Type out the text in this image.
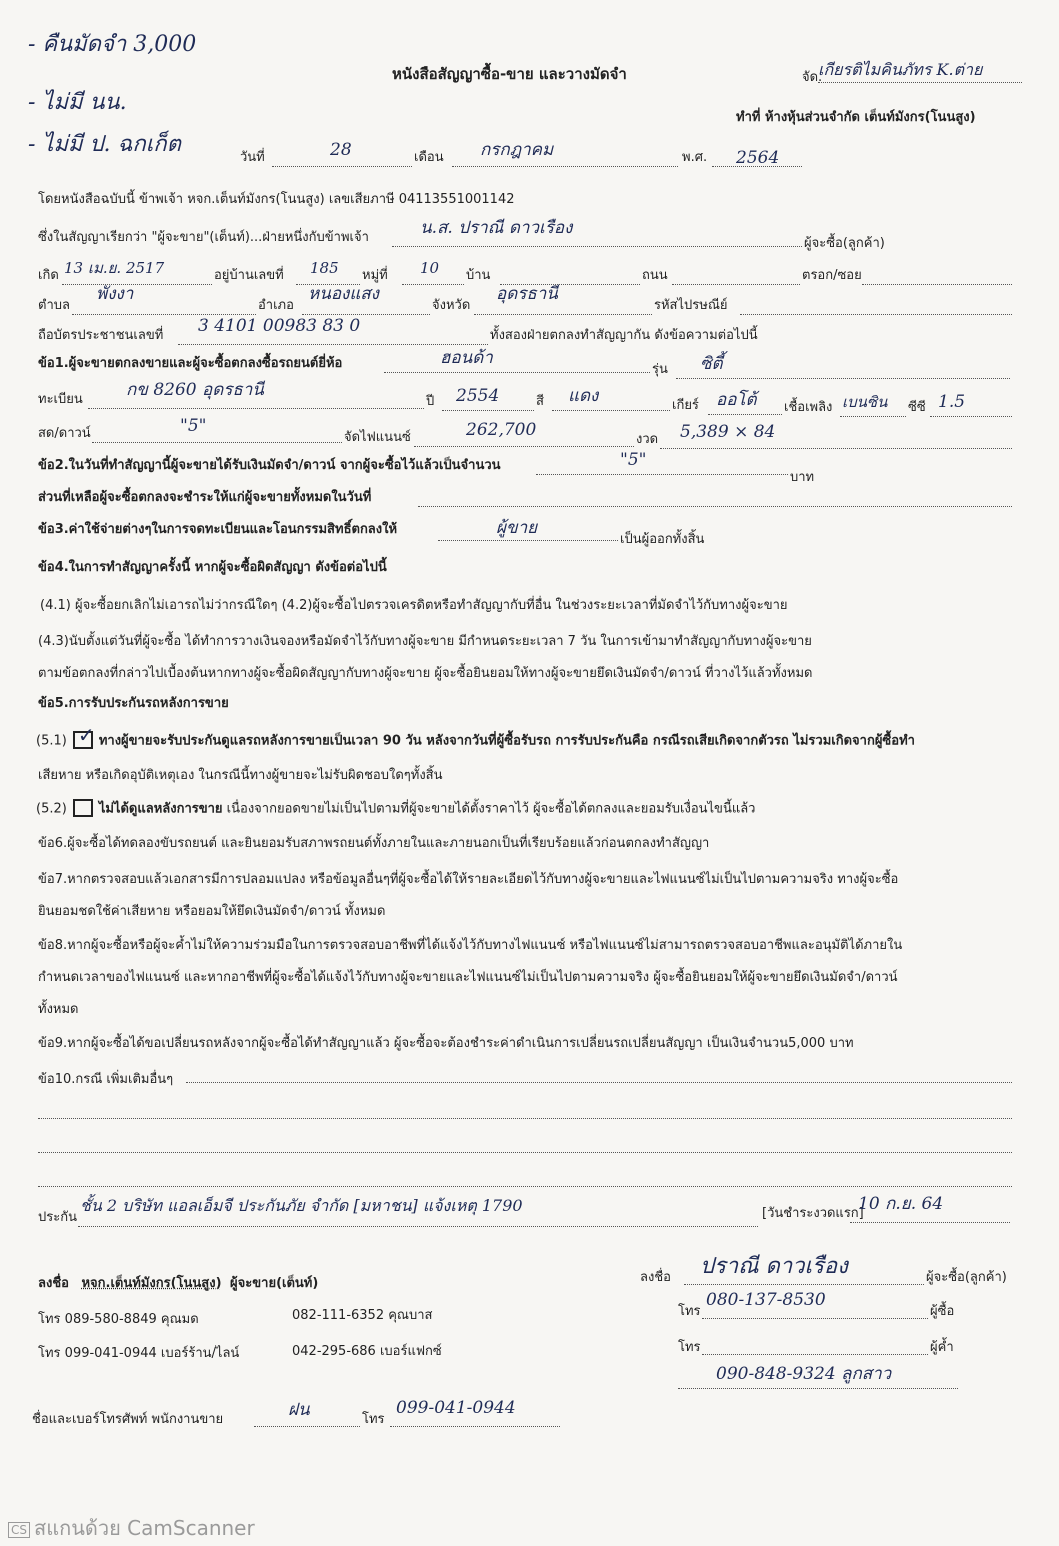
- คืนมัดจำ 3,000
- ไม่มี นน.
- ไม่มี ป. ฉกเก็ต
หนังสือสัญญาซื้อ-ขาย และวางมัดจำ	จัด.
เกียรติไมคินภัทร K.ต่าย
ทำที่ ห้างหุ้นส่วนจำกัด เต็นท์มังกร(โนนสูง)
วันที่	28	เดือน กรกฎาคม	พ.ศ. 2564
โดยหนังสือฉบับนี้ ข้าพเจ้า หจก.เต็นท์มังกร(โนนสูง) เลขเสียภาษี 04113551001142
ซึ่งในสัญญาเรียกว่า "ผู้จะขาย"(เต็นท์)...ฝ่ายหนึ่งกับข้าพเจ้า	น.ส. ปราณี ดาวเรือง
ผู้จะซื้อ(ลูกค้า)
เกิด 13 เม.ย. 2517	อยู่บ้านเลขที่ 185 หมู่ที่ 10 บ้าน	ถนน	ตรอก/ซอย
ตำบล
พังงา
อำเภอ
หนองแสง
จังหวัด
อุดรธานี
รหัสไปรษณีย์
ถือบัตรประชาชนเลขที่ 3 4101 00983 83 0	ทั้งสองฝ่ายตกลงทำสัญญากัน ดังข้อความต่อไปนี้
ข้อ1.ผู้จะขายตกลงขายและผู้จะซื้อตกลงซื้อรถยนต์ยี่ห้อ	ฮอนด้า
รุ่น ซิตี้
ทะเบียน	กข 8260 อุดรธานี
ปี 2554	สี แดง	เกียร์ ออโต้ เชื้อเพลิง เบนซิน ซีซี 1.5
สด/ดาวน์	"5"
จัดไฟแนนซ์	262,700	งวด 5,389 × 84
ข้อ2.ในวันที่ทำสัญญานี้ผู้จะขายได้รับเงินมัดจำ/ดาวน์ จากผู้จะซื้อไว้แล้วเป็นจำนวน	"5"
บาท
ส่วนที่เหลือผู้จะซื้อตกลงจะชำระให้แก่ผู้จะขายทั้งหมดในวันที่
ข้อ3.ค่าใช้จ่ายต่างๆในการจดทะเบียนและโอนกรรมสิทธิ์ตกลงให้	ผู้ขาย
เป็นผู้ออกทั้งสิ้น
ข้อ4.ในการทำสัญญาครั้งนี้ หากผู้จะซื้อผิดสัญญา ดังข้อต่อไปนี้
(4.1) ผู้จะซื้อยกเลิกไม่เอารถไม่ว่ากรณีใดๆ (4.2)ผู้จะซื้อไปตรวจเครดิตหรือทำสัญญากับที่อื่น ในช่วงระยะเวลาที่มัดจำไว้กับทางผู้จะขาย
(4.3)นับตั้งแต่วันที่ผู้จะซื้อ ได้ทำการวางเงินจองหรือมัดจำไว้กับทางผู้จะขาย มีกำหนดระยะเวลา 7 วัน ในการเข้ามาทำสัญญากับทางผู้จะขาย
ตามข้อตกลงที่กล่าวไปเบื้องต้นหากทางผู้จะซื้อผิดสัญญากับทางผู้จะขาย ผู้จะซื้อยินยอมให้ทางผู้จะขายยึดเงินมัดจำ/ดาวน์ ที่วางไว้แล้วทั้งหมด
ข้อ5.การรับประกันรถหลังการขาย
(5.1) ✓ ทางผู้ขายจะรับประกันดูแลรถหลังการขายเป็นเวลา 90 วัน หลังจากวันที่ผู้ซื้อรับรถ การรับประกันคือ กรณีรถเสียเกิดจากตัวรถ ไม่รวมเกิดจากผู้ซื้อทำ
เสียหาย หรือเกิดอุบัติเหตุเอง ในกรณีนี้ทางผู้ขายจะไม่รับผิดชอบใดๆทั้งสิ้น
(5.2) ไม่ได้ดูแลหลังการขาย เนื่องจากยอดขายไม่เป็นไปตามที่ผู้จะขายได้ตั้งราคาไว้ ผู้จะซื้อได้ตกลงและยอมรับเงื่อนไขนี้แล้ว
ข้อ6.ผู้จะซื้อได้ทดลองขับรถยนต์ และยินยอมรับสภาพรถยนต์ทั้งภายในและภายนอกเป็นที่เรียบร้อยแล้วก่อนตกลงทำสัญญา
ข้อ7.หากตรวจสอบแล้วเอกสารมีการปลอมแปลง หรือข้อมูลอื่นๆที่ผู้จะซื้อได้ให้รายละเอียดไว้กับทางผู้จะขายและไฟแนนซ์ไม่เป็นไปตามความจริง ทางผู้จะซื้อ
ยินยอมชดใช้ค่าเสียหาย หรือยอมให้ยึดเงินมัดจำ/ดาวน์ ทั้งหมด
ข้อ8.หากผู้จะซื้อหรือผู้จะค้ำไม่ให้ความร่วมมือในการตรวจสอบอาชีพที่ได้แจ้งไว้กับทางไฟแนนซ์ หรือไฟแนนซ์ไม่สามารถตรวจสอบอาชีพและอนุมัติได้ภายใน
กำหนดเวลาของไฟแนนซ์ และหากอาชีพที่ผู้จะซื้อได้แจ้งไว้กับทางผู้จะขายและไฟแนนซ์ไม่เป็นไปตามความจริง ผู้จะซื้อยินยอมให้ผู้จะขายยึดเงินมัดจำ/ดาวน์
ทั้งหมด
ข้อ9.หากผู้จะซื้อได้ขอเปลี่ยนรถหลังจากผู้จะซื้อได้ทำสัญญาแล้ว ผู้จะซื้อจะต้องชำระค่าดำเนินการเปลี่ยนรถเปลี่ยนสัญญา เป็นเงินจำนวน5,000 บาท
ข้อ10.กรณี เพิ่มเติมอื่นๆ
ประกัน
ชั้น 2 บริษัท แอลเอ็มจี ประกันภัย จำกัด [มหาชน] แจ้งเหตุ 1790	[วันชำระงวดแรก]
10 ก.ย. 64
ลงชื่อ หจก.เต็นท์มังกร(โนนสูง) ผู้จะขาย(เต็นท์)
โทร 089-580-8849 คุณมด	082-111-6352 คุณบาส
โทร 099-041-0944 เบอร์ร้าน/ไลน์	042-295-686 เบอร์แฟกซ์
ลงชื่อ ปราณี ดาวเรือง	ผู้จะซื้อ(ลูกค้า)
โทร
080-137-8530
ผู้ซื้อ
โทร	ผู้ค้ำ
090-848-9324 ลูกสาว
ชื่อและเบอร์โทรศัพท์ พนักงานขาย	ฝน	โทร
099-041-0944
CS สแกนด้วย CamScanner
